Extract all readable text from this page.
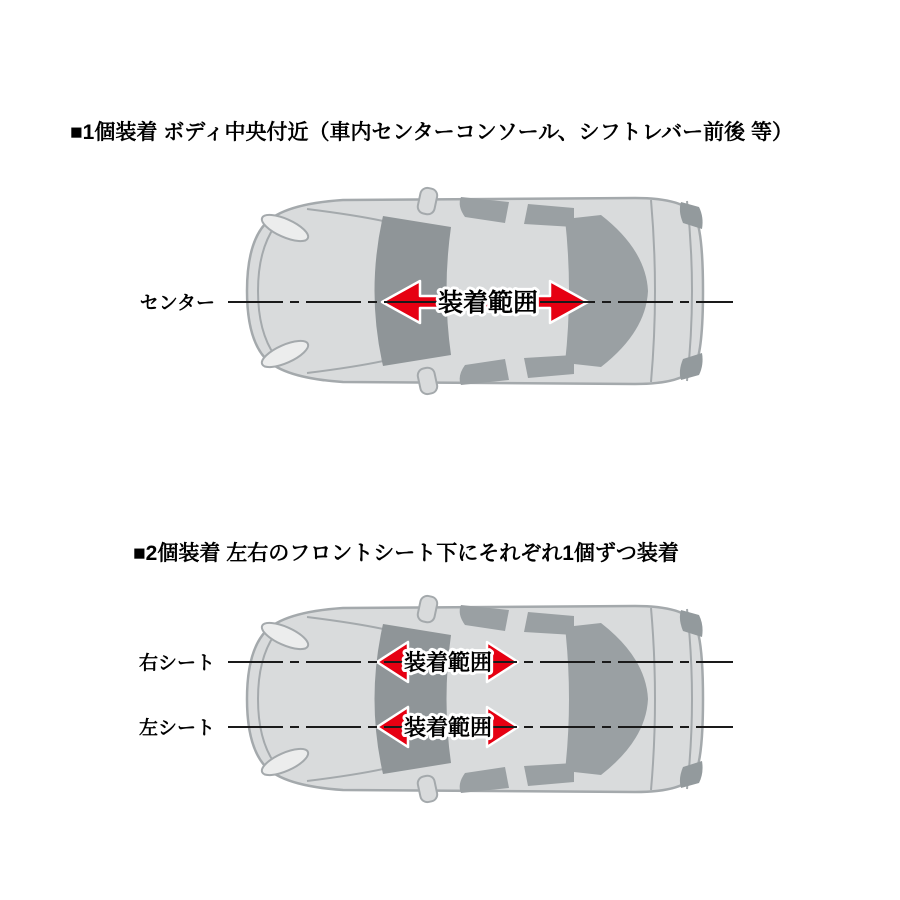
■1個装着 ボディ中央付近（車内センターコンソール、シフトレバー前後 等）
センター	装着範囲
■2個装着 左右のフロントシート下にそれぞれ1個ずつ装着
右シート
左シート
装着範囲
装着範囲
